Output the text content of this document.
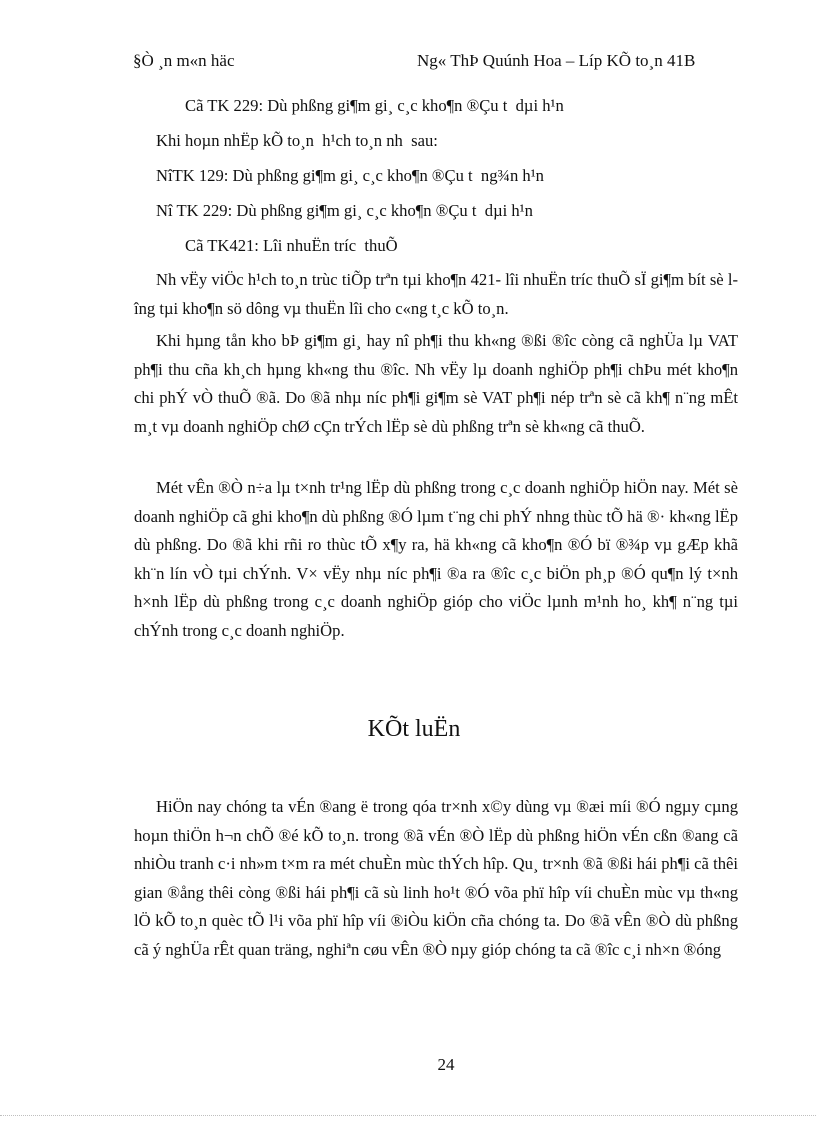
§Ò ¸n m«n häc	Ng« ThÞ Quúnh Hoa – Líp KÕ to¸n 41B
Cã TK 229: Dù phßng gi¶m gi¸ c¸c kho¶n ®Çu t  dµi h¹n
Khi hoµn nhËp kÕ to¸n  h¹ch to¸n nh  sau:
NîTK 129: Dù phßng gi¶m gi¸ c¸c kho¶n ®Çu t  ng¾n h¹n
Nî TK 229: Dù phßng gi¶m gi¸ c¸c kho¶n ®Çu t  dµi h¹n
Cã TK421: Lîi nhuËn tríc  thuÕ

Nh vËy viÖc h¹ch to¸n trùc tiÕp trªn tµi kho¶n 421- lîi nhuËn tríc thuÕ sÏ gi¶m bít sè lîng tµi kho¶n sö dông vµ thuËn lîi cho c«ng t¸c kÕ to¸n.

Khi hµng tån kho bÞ gi¶m gi¸ hay nî ph¶i thu kh«ng ®ßi ®îc còng cã nghÜa lµ VAT ph¶i thu cña kh¸ch hµng kh«ng thu ®îc. Nh vËy lµ doanh nghiÖp ph¶i chÞu mét kho¶n chi phÝ vÒ thuÕ ®ã. Do ®ã nhµ níc ph¶i gi¶m sè VAT ph¶i nép trªn sè cã kh¶ n¨ng mÊt m¸t vµ doanh nghiÖp chØ cÇn trÝch lËp sè dù phßng trªn sè kh«ng cã thuÕ.

Mét vÊn ®Ò n÷a lµ t×nh tr¹ng lËp dù phßng trong c¸c doanh nghiÖp hiÖn nay. Mét sè doanh nghiÖp cã ghi kho¶n dù phßng ®Ó lµm t¨ng chi phÝ nhng thùc tÕ hä ®· kh«ng lËp dù phßng. Do ®ã khi rñi ro thùc tÕ x¶y ra, hä kh«ng cã kho¶n ®Ó bï ®¾p vµ gÆp khã kh¨n lín vÒ tµi chÝnh. V× vËy nhµ níc ph¶i ®a ra ®îc c¸c biÖn ph¸p ®Ó qu¶n lý t×nh h×nh lËp dù phßng trong c¸c doanh nghiÖp gióp cho viÖc lµnh m¹nh ho¸ kh¶ n¨ng tµi chÝnh trong c¸c doanh nghiÖp.

KÕt luËn

HiÖn nay chóng ta vÉn ®ang ë trong qóa tr×nh x©y dùng vµ ®æi míi ®Ó ngµy cµng hoµn thiÖn h¬n chÕ ®é kÕ to¸n. trong ®ã vÉn ®Ò lËp dù phßng hiÖn vÉn cßn ®ang cã nhiÒu tranh c·i nh»m t×m ra mét chuÈn mùc thÝch hîp. Qu¸ tr×nh ®ã ®ßi hái ph¶i cã thêi gian ®ång thêi còng ®ßi hái ph¶i cã sù linh ho¹t ®Ó võa phï hîp víi chuÈn mùc vµ th«ng lÖ kÕ to¸n quèc tÕ l¹i võa phï hîp víi ®iÒu kiÖn cña chóng ta. Do ®ã vÊn ®Ò dù phßng cã ý nghÜa rÊt quan träng, nghiªn cøu vÊn ®Ò nµy gióp chóng ta cã ®îc c¸i nh×n ®óng

24
